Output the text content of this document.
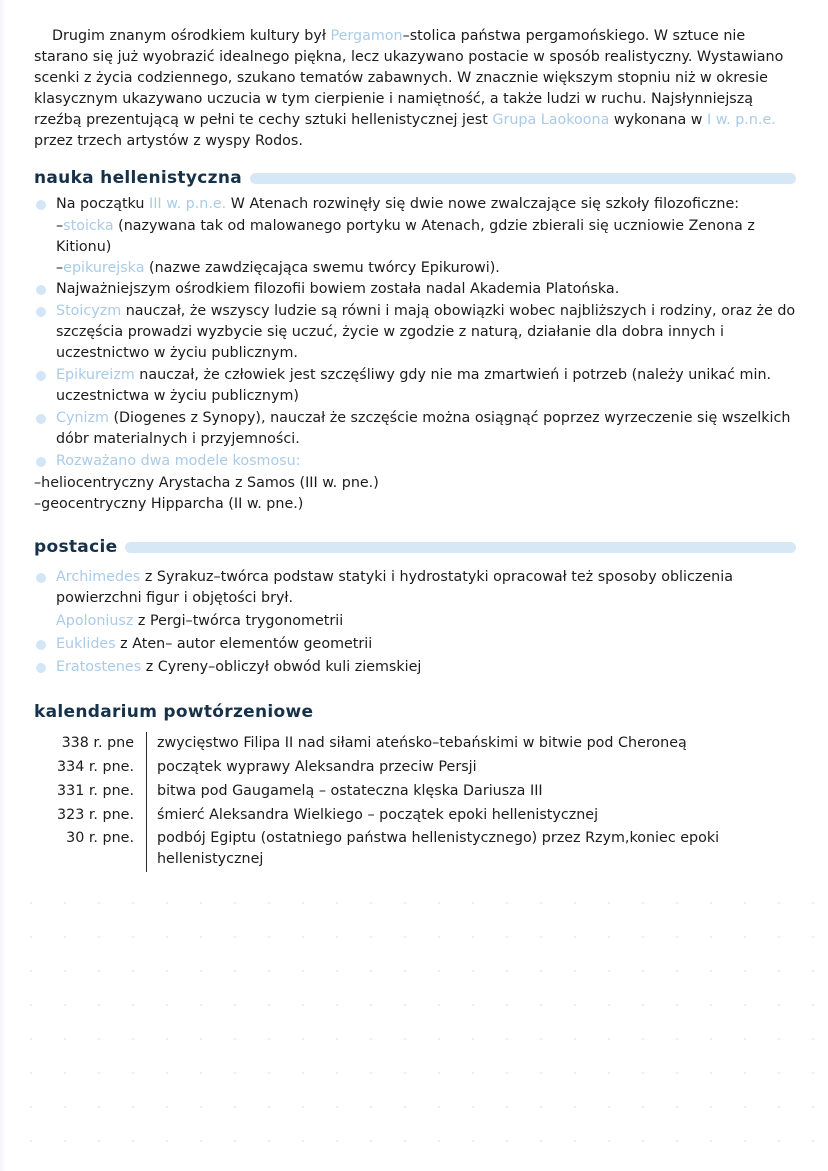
Drugim znanym ośrodkiem kultury był Pergamon–stolica państwa pergamońskiego. W sztuce nie starano się już wyobrazić idealnego piękna, lecz ukazywano postacie w sposób realistyczny. Wystawiano scenki z życia codziennego, szukano tematów zabawnych. W znacznie większym stopniu niż w okresie klasycznym ukazywano uczucia w tym cierpienie i namiętność, a także ludzi w ruchu. Najsłynniejszą rzeźbą prezentującą w pełni te cechy sztuki hellenistycznej jest Grupa Laokoona wykonana w I w. p.n.e. przez trzech artystów z wyspy Rodos.

nauka hellenistyczna
Na początku III w. p.n.e. W Atenach rozwinęły się dwie nowe zwalczające się szkoły filozoficzne:
–stoicka (nazywana tak od malowanego portyku w Atenach, gdzie zbierali się uczniowie Zenona z Kitionu)
–epikurejska (nazwe zawdzięcająca swemu twórcy Epikurowi).
Najważniejszym ośrodkiem filozofii bowiem została nadal Akademia Platońska.
Stoicyzm nauczał, że wszyscy ludzie są równi i mają obowiązki wobec najbliższych i rodziny, oraz że do szczęścia prowadzi wyzbycie się uczuć, życie w zgodzie z naturą, działanie dla dobra innych i uczestnictwo w życiu publicznym.
Epikureizm nauczał, że człowiek jest szczęśliwy gdy nie ma zmartwień i potrzeb (należy unikać min. uczestnictwa w życiu publicznym)
Cynizm (Diogenes z Synopy), nauczał że szczęście można osiągnąć poprzez wyrzeczenie się wszelkich dóbr materialnych i przyjemności.
Rozważano dwa modele kosmosu:
–heliocentryczny Arystacha z Samos (III w. pne.)
–geocentryczny Hipparcha (II w. pne.)
postacie
Archimedes z Syrakuz–twórca podstaw statyki i hydrostatyki opracował też sposoby obliczenia powierzchni figur i objętości brył.
Apoloniusz z Pergi–twórca trygonometrii
Euklides z Aten– autor elementów geometrii
Eratostenes z Cyreny–obliczył obwód kuli ziemskiej
kalendarium powtórzeniowe
338 r. pne	zwycięstwo Filipa II nad siłami ateńsko–tebańskimi w bitwie pod Cheroneą
334 r. pne.	początek wyprawy Aleksandra przeciw Persji
331 r. pne.	bitwa pod Gaugamelą – ostateczna klęska Dariusza III
323 r. pne.	śmierć Aleksandra Wielkiego – początek epoki hellenistycznej
30 r. pne.	podbój Egiptu (ostatniego państwa hellenistycznego) przez Rzym,koniec epoki hellenistycznej
